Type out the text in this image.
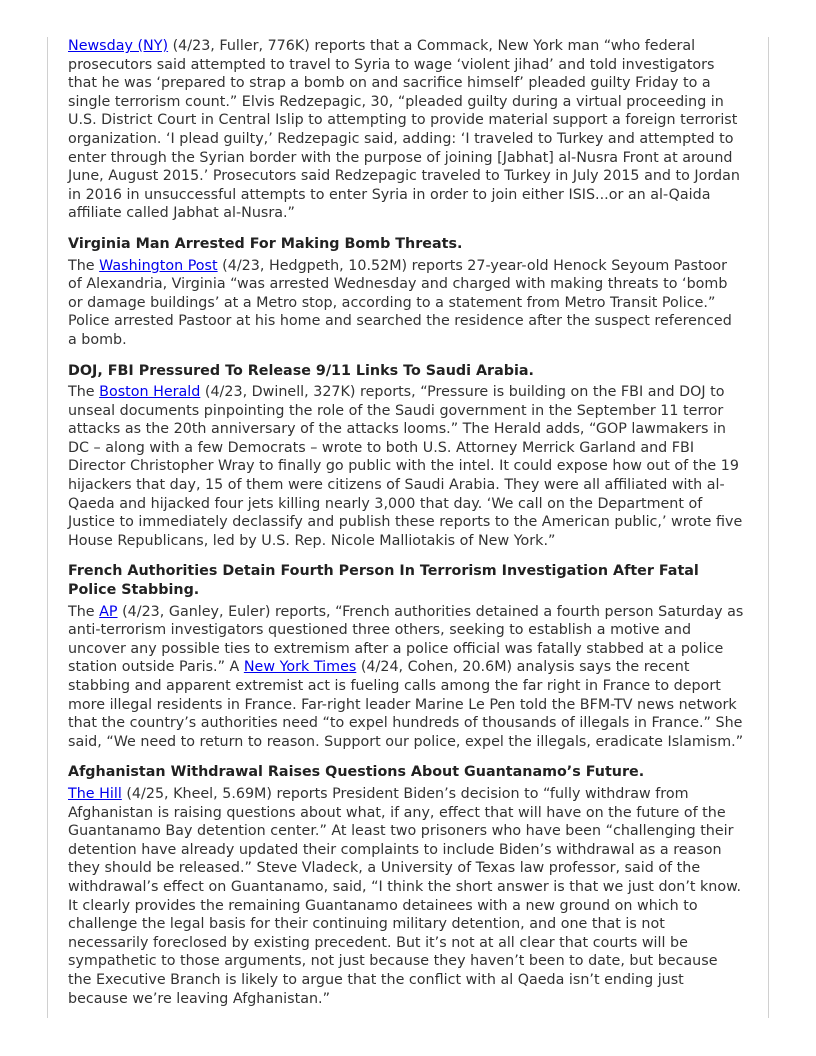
Newsday (NY) (4/23, Fuller, 776K) reports that a Commack, New York man “who federal prosecutors said attempted to travel to Syria to wage ‘violent jihad’ and told investigators that he was ‘prepared to strap a bomb on and sacrifice himself’ pleaded guilty Friday to a single terrorism count.” Elvis Redzepagic, 30, “pleaded guilty during a virtual proceeding in U.S. District Court in Central Islip to attempting to provide material support a foreign terrorist organization. ‘I plead guilty,’ Redzepagic said, adding: ‘I traveled to Turkey and attempted to enter through the Syrian border with the purpose of joining [Jabhat] al-Nusra Front at around June, August 2015.’ Prosecutors said Redzepagic traveled to Turkey in July 2015 and to Jordan in 2016 in unsuccessful attempts to enter Syria in order to join either ISIS...or an al-Qaida affiliate called Jabhat al-Nusra.”

Virginia Man Arrested For Making Bomb Threats.

The Washington Post (4/23, Hedgpeth, 10.52M) reports 27-year-old Henock Seyoum Pastoor of Alexandria, Virginia “was arrested Wednesday and charged with making threats to ‘bomb or damage buildings’ at a Metro stop, according to a statement from Metro Transit Police.” Police arrested Pastoor at his home and searched the residence after the suspect referenced a bomb.

DOJ, FBI Pressured To Release 9/11 Links To Saudi Arabia.

The Boston Herald (4/23, Dwinell, 327K) reports, “Pressure is building on the FBI and DOJ to unseal documents pinpointing the role of the Saudi government in the September 11 terror attacks as the 20th anniversary of the attacks looms.” The Herald adds, “GOP lawmakers in DC – along with a few Democrats – wrote to both U.S. Attorney Merrick Garland and FBI Director Christopher Wray to finally go public with the intel. It could expose how out of the 19 hijackers that day, 15 of them were citizens of Saudi Arabia. They were all affiliated with al-Qaeda and hijacked four jets killing nearly 3,000 that day. ‘We call on the Department of Justice to immediately declassify and publish these reports to the American public,’ wrote five House Republicans, led by U.S. Rep. Nicole Malliotakis of New York.”

French Authorities Detain Fourth Person In Terrorism Investigation After Fatal Police Stabbing.

The AP (4/23, Ganley, Euler) reports, “French authorities detained a fourth person Saturday as anti-terrorism investigators questioned three others, seeking to establish a motive and uncover any possible ties to extremism after a police official was fatally stabbed at a police station outside Paris.” A New York Times (4/24, Cohen, 20.6M) analysis says the recent stabbing and apparent extremist act is fueling calls among the far right in France to deport more illegal residents in France. Far-right leader Marine Le Pen told the BFM-TV news network that the country’s authorities need “to expel hundreds of thousands of illegals in France.” She said, “We need to return to reason. Support our police, expel the illegals, eradicate Islamism.”

Afghanistan Withdrawal Raises Questions About Guantanamo’s Future.

The Hill (4/25, Kheel, 5.69M) reports President Biden’s decision to “fully withdraw from Afghanistan is raising questions about what, if any, effect that will have on the future of the Guantanamo Bay detention center.” At least two prisoners who have been “challenging their detention have already updated their complaints to include Biden’s withdrawal as a reason they should be released.” Steve Vladeck, a University of Texas law professor, said of the withdrawal’s effect on Guantanamo, said, “I think the short answer is that we just don’t know. It clearly provides the remaining Guantanamo detainees with a new ground on which to challenge the legal basis for their continuing military detention, and one that is not necessarily foreclosed by existing precedent. But it’s not at all clear that courts will be sympathetic to those arguments, not just because they haven’t been to date, but because the Executive Branch is likely to argue that the conflict with al Qaeda isn’t ending just because we’re leaving Afghanistan.”
